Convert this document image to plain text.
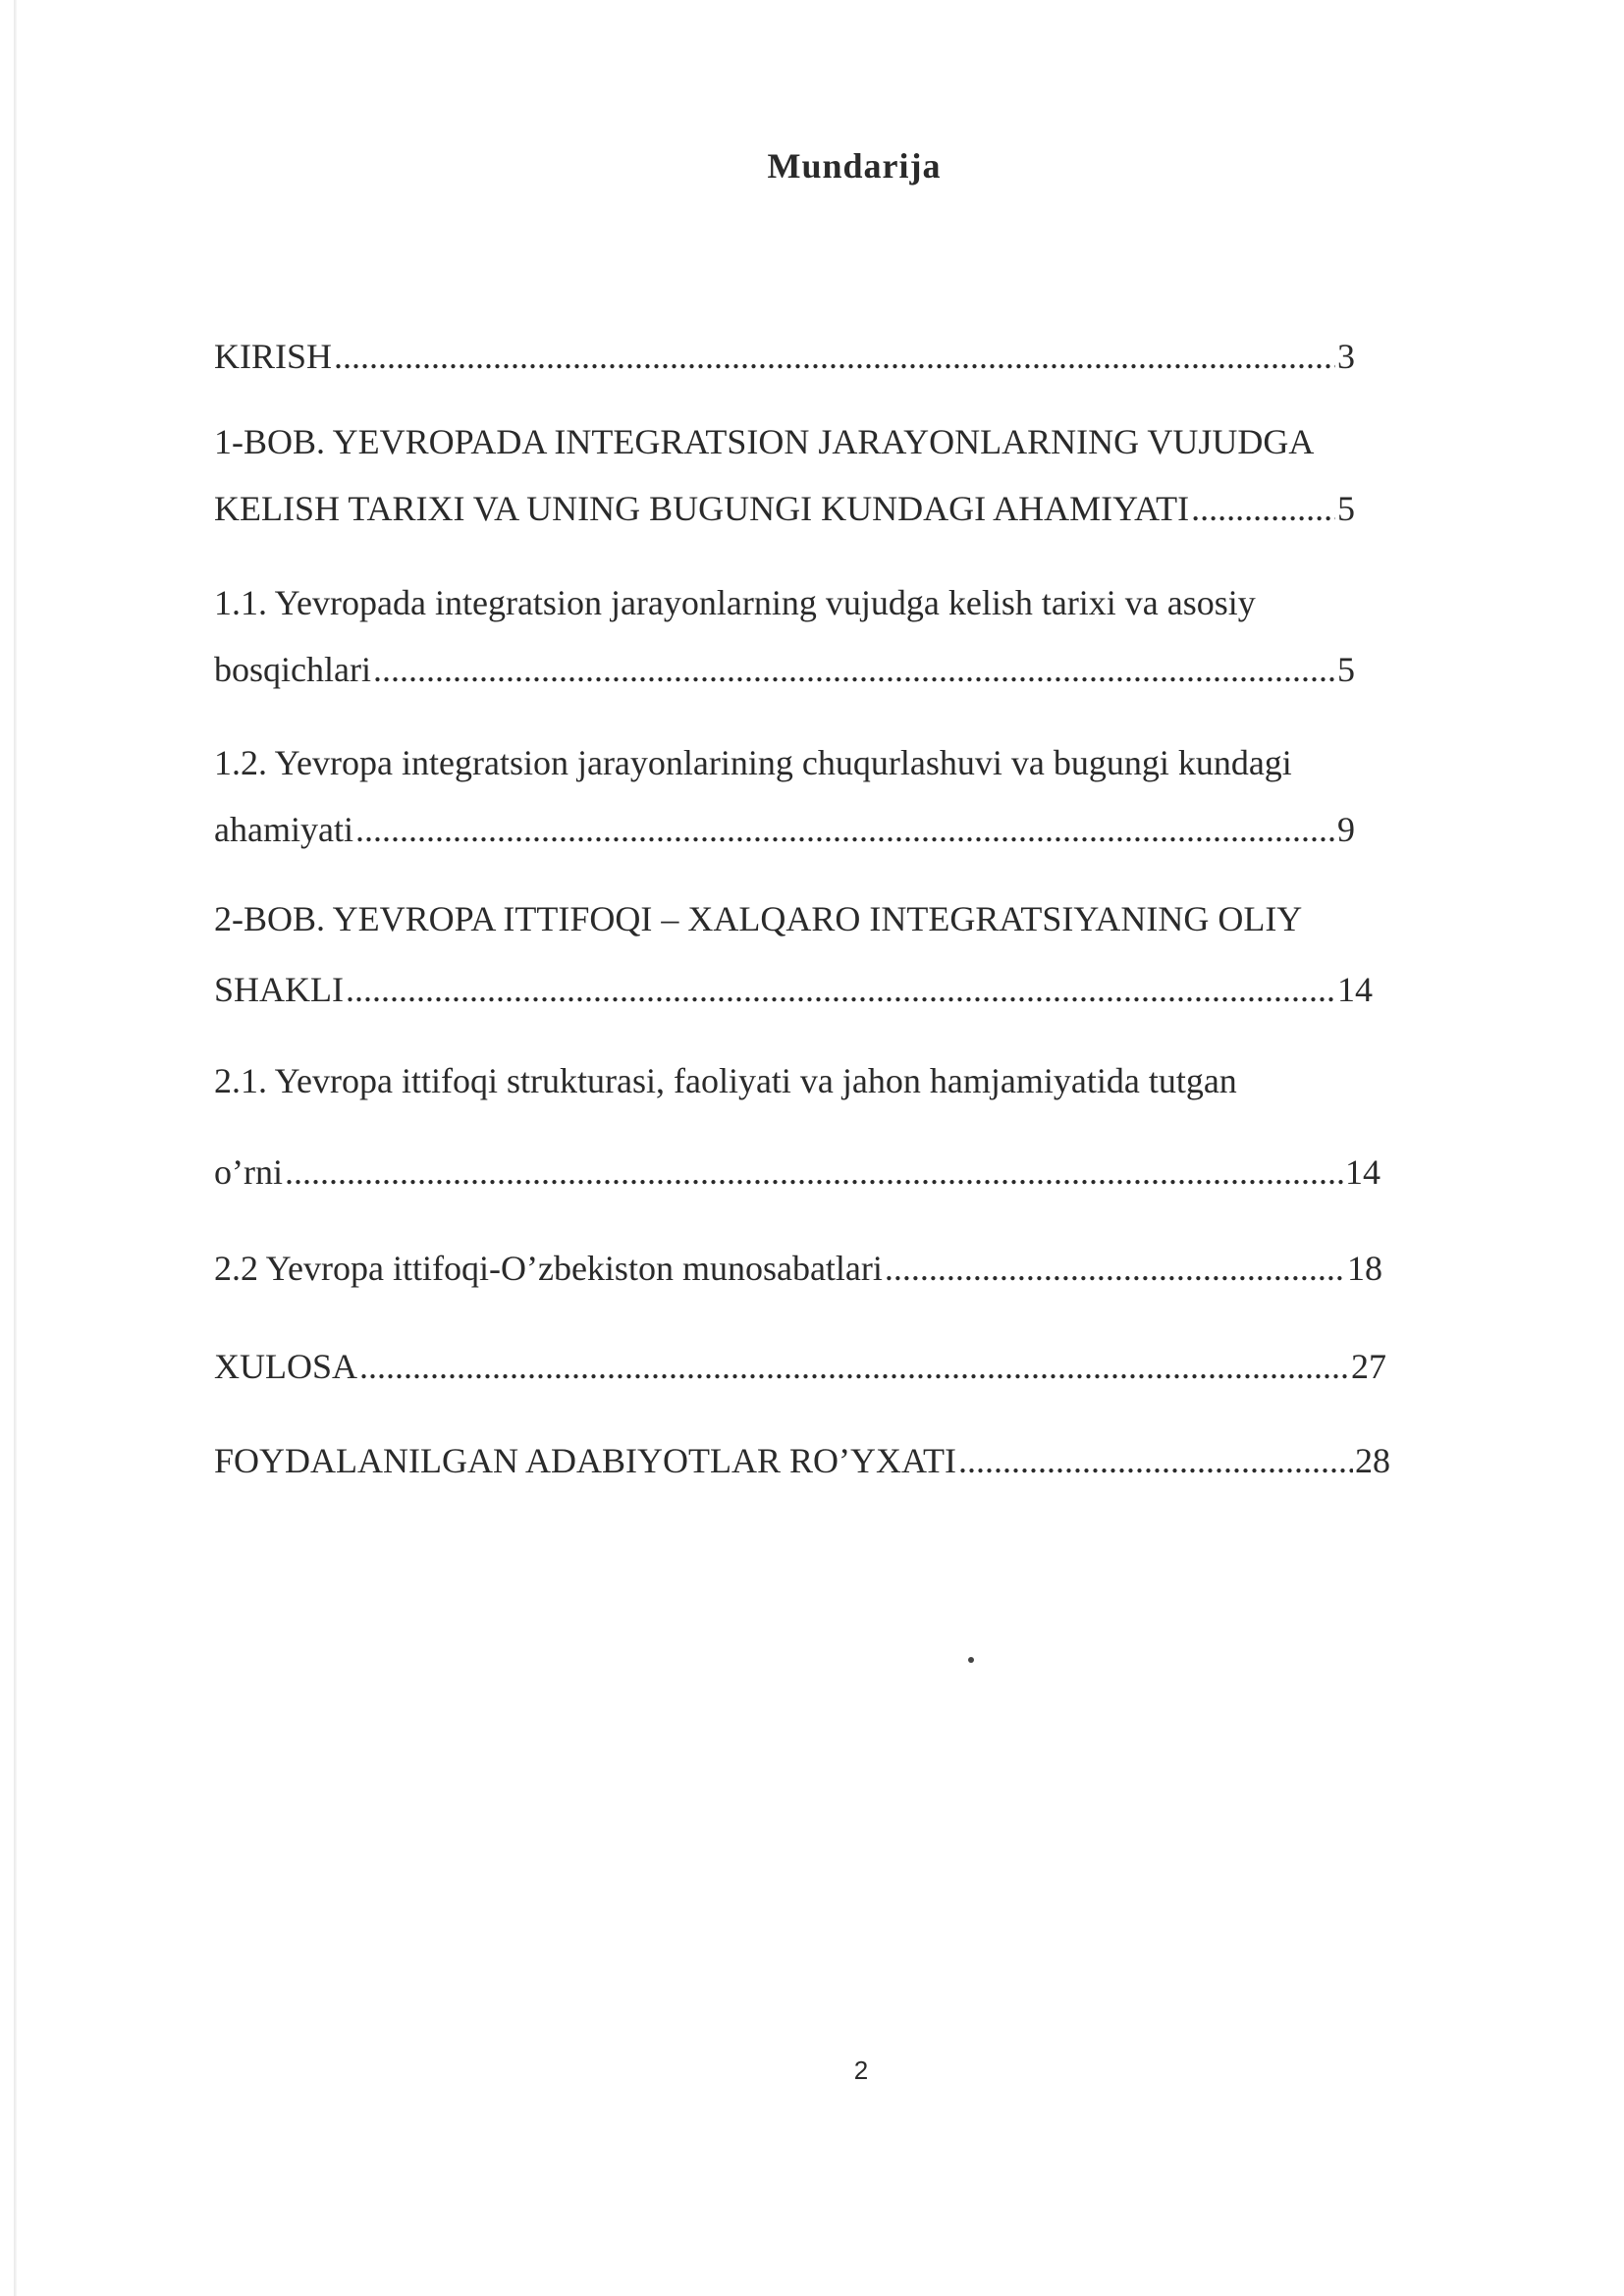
Mundarija
KIRISH .....	3
1-BOB. YEVROPADA INTEGRATSION JARAYONLARNING VUJUDGA
KELISH TARIXI VA UNING BUGUNGI KUNDAGI AHAMIYATI .....	5
1.1. Yevropada integratsion jarayonlarning vujudga kelish tarixi va asosiy
bosqichlari .....	5
1.2. Yevropa integratsion jarayonlarining chuqurlashuvi va bugungi kundagi
ahamiyati .....	9
2-BOB. YEVROPA ITTIFOQI – XALQARO INTEGRATSIYANING OLIY
SHAKLI .....	14
2.1. Yevropa ittifoqi strukturasi, faoliyati va jahon hamjamiyatida tutgan
o’rni .....	14
2.2 Yevropa ittifoqi-O’zbekiston munosabatlari .....	18
XULOSA .....	27
FOYDALANILGAN ADABIYOTLAR RO’YXATI .....	28
2
